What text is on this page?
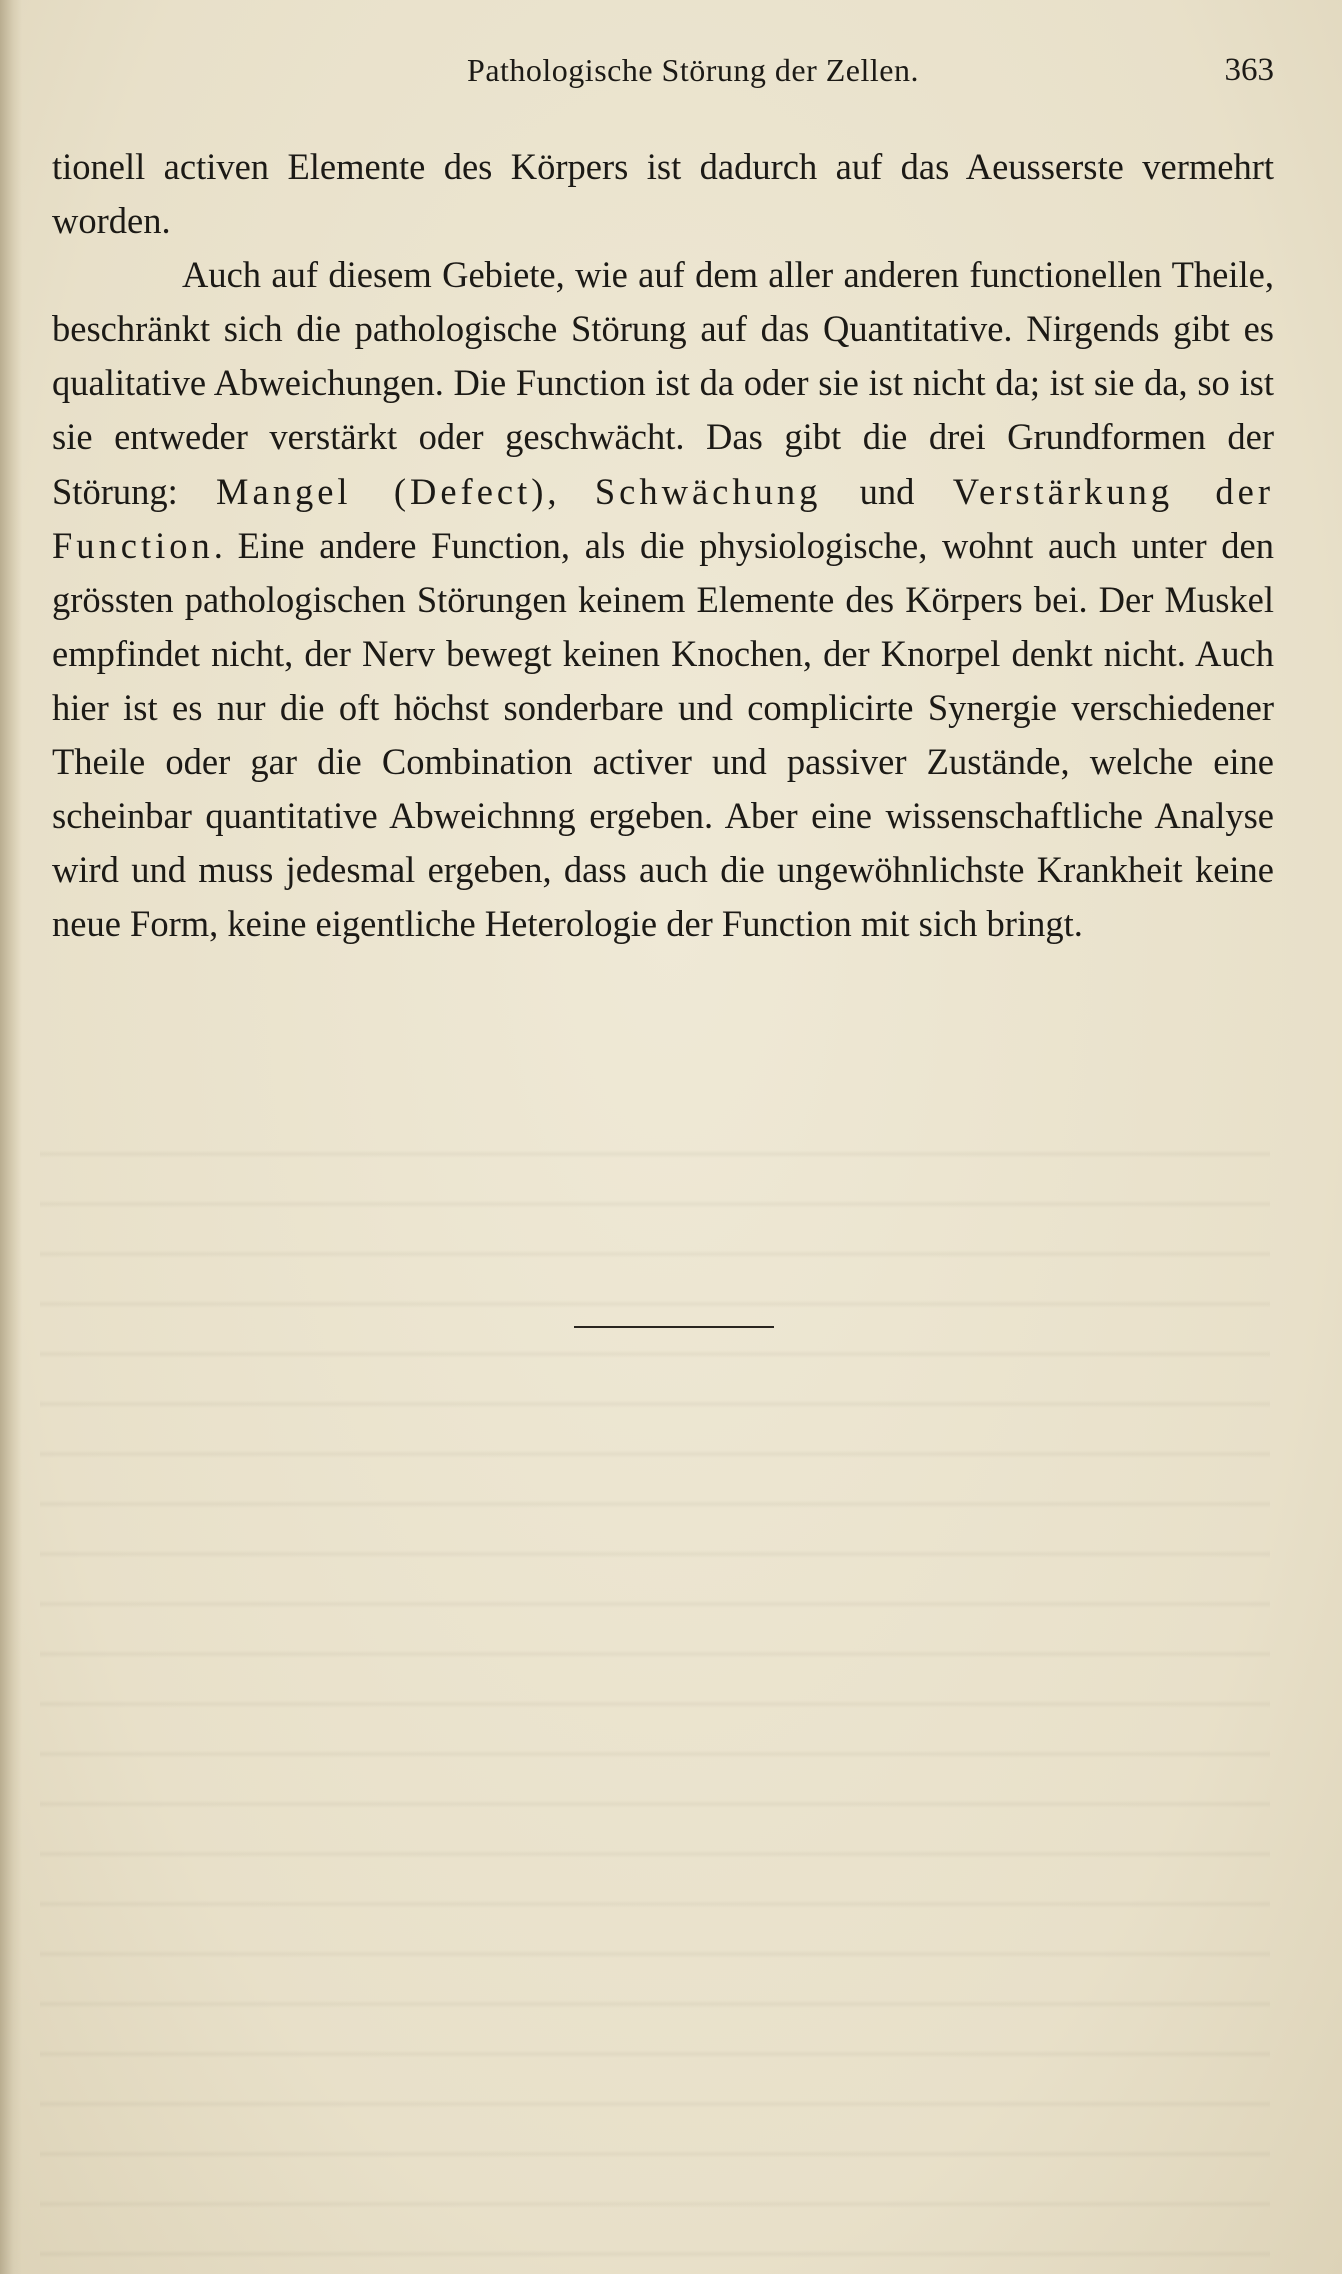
Pathologische Störung der Zellen.	363

tionell activen Elemente des Körpers ist dadurch auf das Aeusserste vermehrt worden.

Auch auf diesem Gebiete, wie auf dem aller anderen functionellen Theile, beschränkt sich die pathologische Störung auf das Quantitative. Nirgends gibt es qualitative Abweichungen. Die Function ist da oder sie ist nicht da; ist sie da, so ist sie entweder verstärkt oder geschwächt. Das gibt die drei Grundformen der Störung: Mangel (Defect), Schwächung und Verstärkung der Function. Eine andere Function, als die physiologische, wohnt auch unter den grössten pathologischen Störungen keinem Elemente des Körpers bei. Der Muskel empfindet nicht, der Nerv bewegt keinen Knochen, der Knorpel denkt nicht. Auch hier ist es nur die oft höchst sonderbare und complicirte Synergie verschiedener Theile oder gar die Combination activer und passiver Zustände, welche eine scheinbar quantitative Abweichnng ergeben. Aber eine wissenschaftliche Analyse wird und muss jedesmal ergeben, dass auch die ungewöhnlichste Krankheit keine neue Form, keine eigentliche Heterologie der Function mit sich bringt.
